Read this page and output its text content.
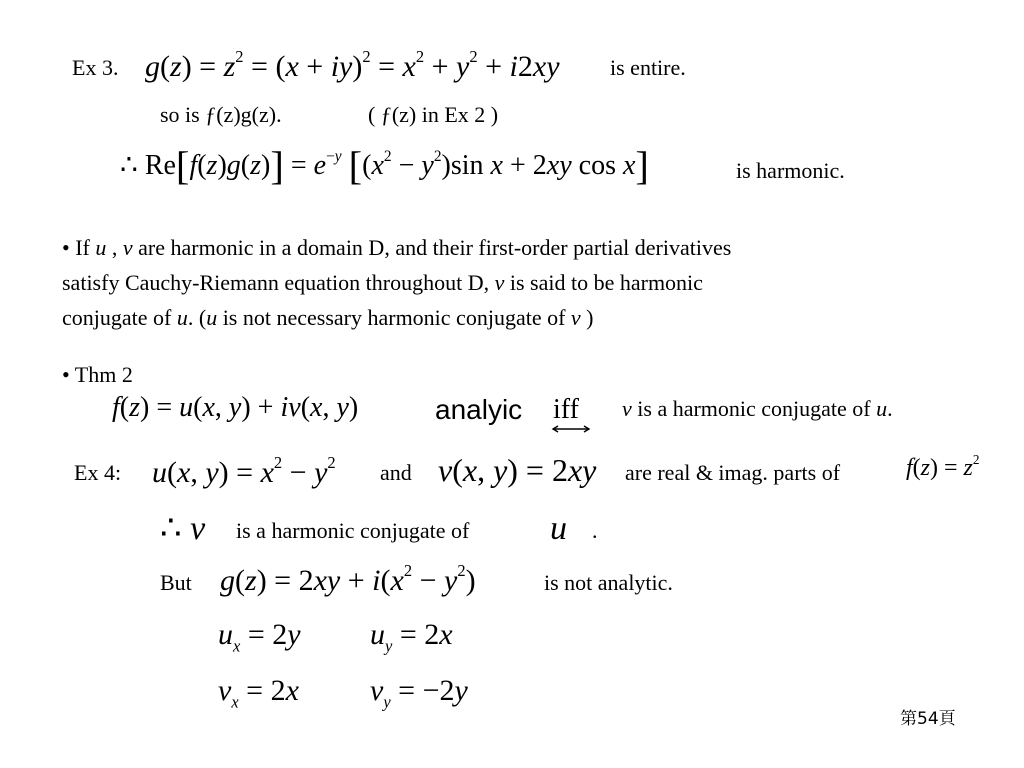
Ex 3. $g(z) = z^2 = (x + iy)^2 = x^2 + y^2 + i2xy$ is entire.
so is ƒ(z)g(z).	( ƒ(z) in Ex 2 )
∴ $Re[f(z)g(z)] = e^{-y}$ [$(x^2 - y^2)\sin$ x + 2xy cos x]	is harmonic.
• If u , v are harmonic in a domain D, and their first-order partial derivatives
satisfy Cauchy-Riemann equation throughout D, v is said to be harmonic
conjugate of u. (u is not necessary harmonic conjugate of v )
• Thm 2
f(z) = u(x, y) + iv(x, y)	analyic iff v is a harmonic conjugate of u.
Ex 4: u(x, $y) = x^2 - y^2$ and v(x, y) = 2xy are real & imag. parts of	$f(z) = z^2$
∴ v is a harmonic conjugate of u .
But $g(z) = 2xy + i(x^2 - y^2)$	is not analytic.
$u_x = 2y$ $u_y = 2x$
$v_x = 2x$ $v_y = -2y$
第54頁
